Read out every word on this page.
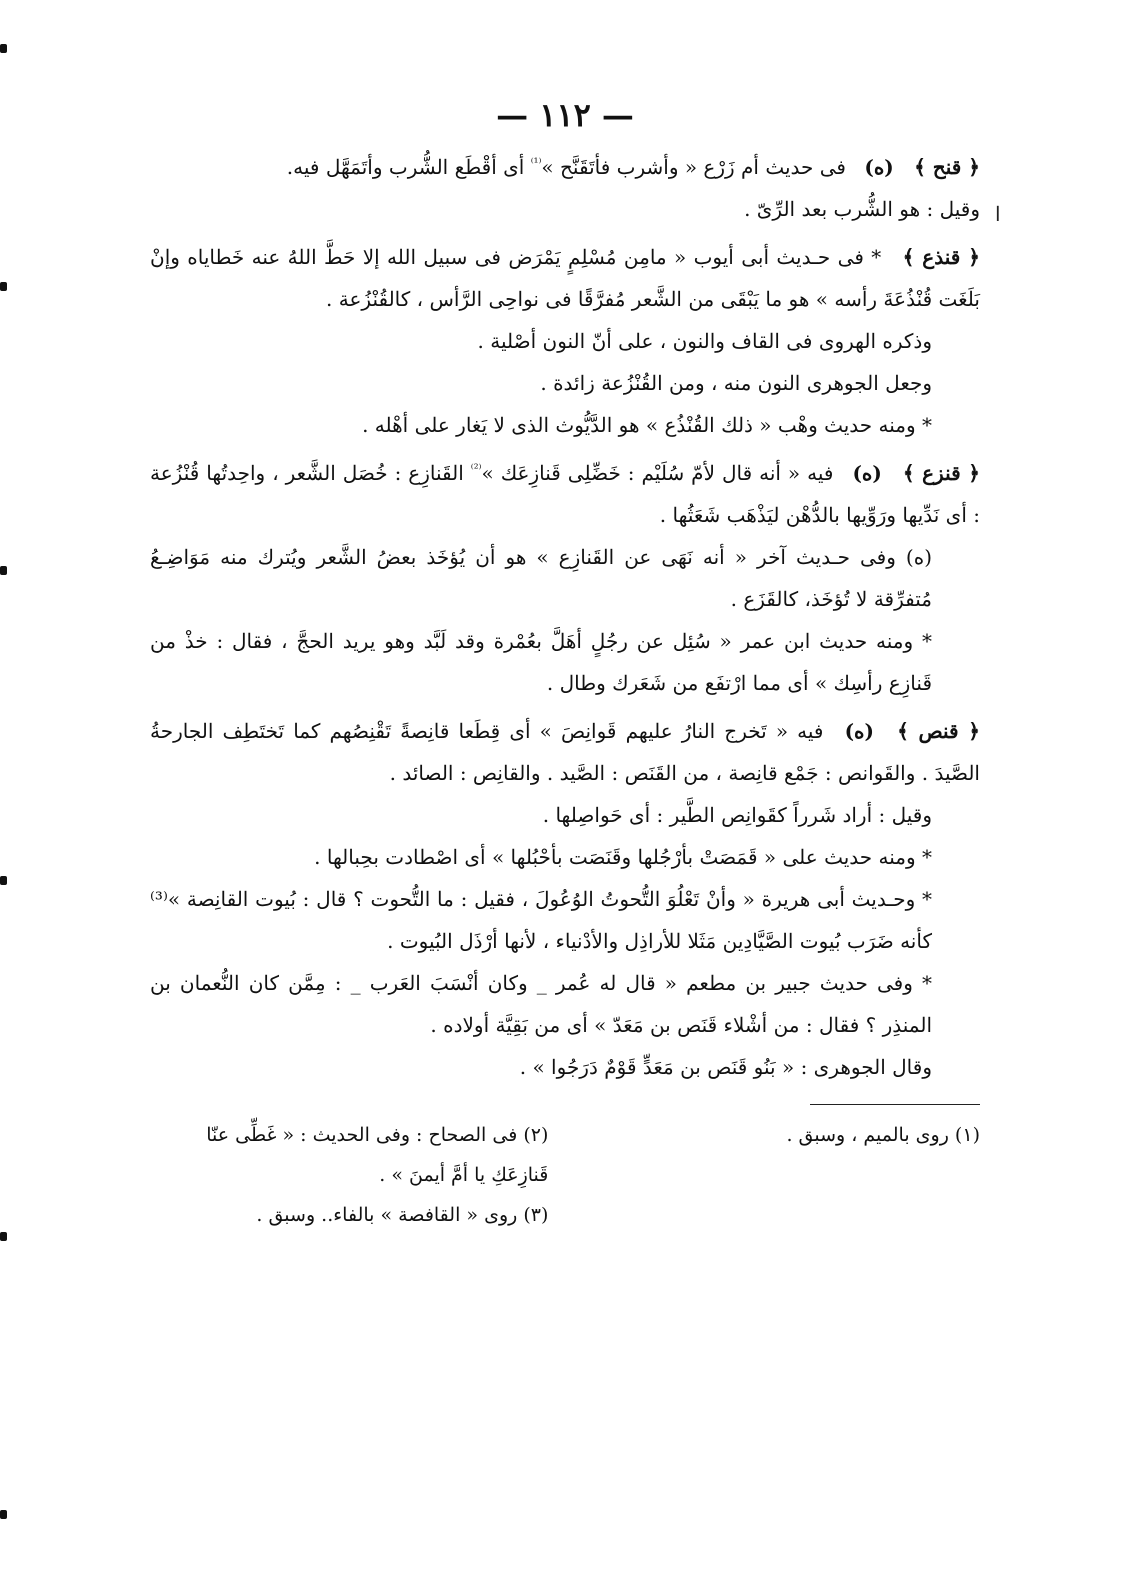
ا
— ١١٢ —

﴿ قنح ﴾ (ه) فى حديث أم زَرْع « وأشرب فأتَقَنَّح »$^{^{(1)}}$ أى أقْطَع الشُّرب وأتَمَهَّل فيه.

وقيل : هو الشُّرب بعد الرِّىّ .

﴿ قنذع ﴾ * فى حـديث أبى أيوب « مامِن مُسْلِمٍ يَمْرَض فى سبيل الله إلا حَطَّ اللهُ عنه خَطاياه وإنْ بَلَغَت قُنْذُعَةَ رأسه » هو ما يَبْقَى من الشَّعر مُفرَّقًا فى نواحِى الرَّأس ، كالقُنْزُعة .

وذكره الهروى فى القاف والنون ، على أنّ النون أصْلية .

وجعل الجوهرى النون منه ، ومن القُنْزُعة زائدة .

* ومنه حديث وهْب « ذلك القُنْذُع » هو الدَّيُّوث الذى لا يَغار على أهْله .

﴿ قنزع ﴾ (ه) فيه « أنه قال لأمّ سُلَيْم : خَضِّلِى قَنازِعَك »$^{^{(2)}}$ القَنازِع : خُصَل الشَّعر ، واحِدتُها قُنْزُعة : أى نَدِّيها ورَوِّيها بالدُّهْن ليَذْهَب شَعَثُها .

(ه) وفى حـديث آخر « أنه نَهَى عن القَنازِع » هو أن يُؤخَذ بعضُ الشَّعر ويُترك منه مَوَاضِـعُ مُتفرِّقة لا تُؤخَذ، كالقَزَع .

* ومنه حديث ابن عمر « سُئِل عن رجُلٍ أهَلَّ بعُمْرة وقد لَبَّد وهو يريد الحجَّ ، فقال : خذْ من قَنازِع رأسِك » أى مما ارْتفَع من شَعَرك وطال .

﴿ قنص ﴾ (ه) فيه « تَخرج النارُ عليهم قَوانِصَ » أى قِطَعا قانِصةً تَقْنِصُهم كما تَختَطِف الجارحةُ الصَّيدَ . والقَوانص : جَمْع قانِصة ، من القَنَص : الصَّيد . والقانِص : الصائد .

وقيل : أراد شَرراً كقَوانِص الطَّير : أى حَواصِلها .

* ومنه حديث على « قَمَصَتْ بأرْجُلها وقَنَصَت بأحْبُلها » أى اصْطادت بحِبالها .

* وحـديث أبى هريرة « وأنْ تَعْلُوَ التُّحوتُ الوُعُولَ ، فقيل : ما التُّحوت ؟ قال : بُيوت القانِصة »⁽³⁾ كأنه ضَرَب بُيوت الصَّيَّادِين مَثَلا للأراذِل والأدْنياء ، لأنها أرْذَل البُيوت .

* وفى حديث جبير بن مطعم « قال له عُمر _ وكان أنْسَبَ العَرب _ : مِمَّن كان النُّعمان بن المنذِر ؟ فقال : من أشْلاء قَنَص بن مَعَدّ » أى من بَقِيَّة أولاده .

وقال الجوهرى : « بَنُو قَنَص بن مَعَدٍّ قَوْمٌ دَرَجُوا » .

(١) روى بالميم ، وسبق .
(٢) فى الصحاح : وفى الحديث : « غَطِّى عنّا قَنازِعَكِ يا أمَّ أيمنَ » .
(٣) روى « القافصة » بالفاء.. وسبق .
